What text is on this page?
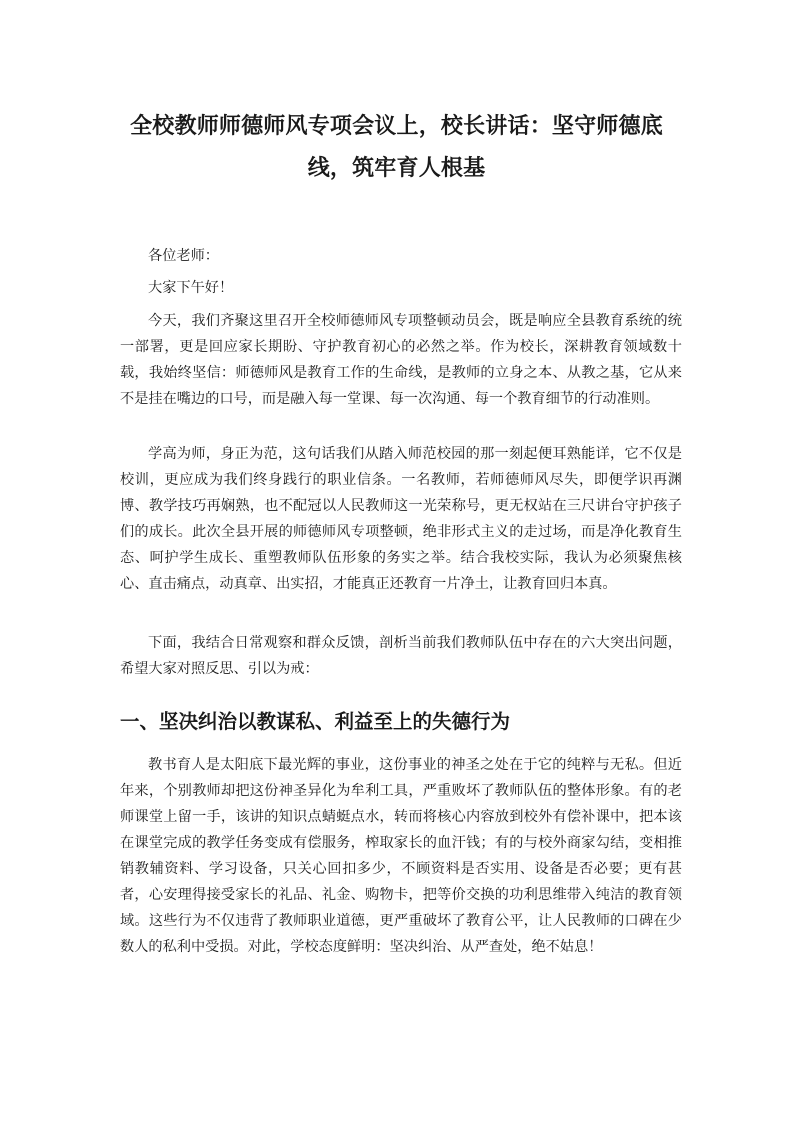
全校教师师德师风专项会议上，校长讲话：坚守师德底线，筑牢育人根基
各位老师：
大家下午好！

今天，我们齐聚这里召开全校师德师风专项整顿动员会，既是响应全县教育系统的统一部署，更是回应家长期盼、守护教育初心的必然之举。作为校长，深耕教育领域数十载，我始终坚信：师德师风是教育工作的生命线，是教师的立身之本、从教之基，它从来不是挂在嘴边的口号，而是融入每一堂课、每一次沟通、每一个教育细节的行动准则。

学高为师，身正为范，这句话我们从踏入师范校园的那一刻起便耳熟能详，它不仅是校训，更应成为我们终身践行的职业信条。一名教师，若师德师风尽失，即便学识再渊博、教学技巧再娴熟，也不配冠以人民教师这一光荣称号，更无权站在三尺讲台守护孩子们的成长。此次全县开展的师德师风专项整顿，绝非形式主义的走过场，而是净化教育生态、呵护学生成长、重塑教师队伍形象的务实之举。结合我校实际，我认为必须聚焦核心、直击痛点，动真章、出实招，才能真正还教育一片净土，让教育回归本真。

下面，我结合日常观察和群众反馈，剖析当前我们教师队伍中存在的六大突出问题，希望大家对照反思、引以为戒：

一、坚决纠治以教谋私、利益至上的失德行为

教书育人是太阳底下最光辉的事业，这份事业的神圣之处在于它的纯粹与无私。但近年来，个别教师却把这份神圣异化为牟利工具，严重败坏了教师队伍的整体形象。有的老师课堂上留一手，该讲的知识点蜻蜓点水，转而将核心内容放到校外有偿补课中，把本该在课堂完成的教学任务变成有偿服务，榨取家长的血汗钱；有的与校外商家勾结，变相推销教辅资料、学习设备，只关心回扣多少，不顾资料是否实用、设备是否必要；更有甚者，心安理得接受家长的礼品、礼金、购物卡，把等价交换的功利思维带入纯洁的教育领域。这些行为不仅违背了教师职业道德，更严重破坏了教育公平，让人民教师的口碑在少数人的私利中受损。对此，学校态度鲜明：坚决纠治、从严查处，绝不姑息！
